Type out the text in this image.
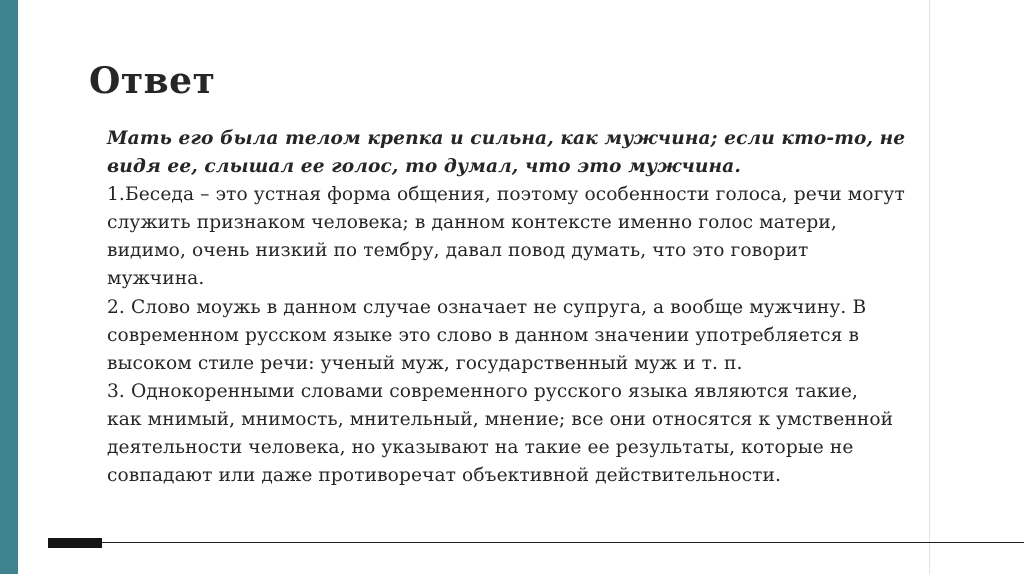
Ответ

Мать его была телом крепка и сильна, как мужчина; если кто-то, не

видя ее, слышал ее голос, то думал, что это мужчина.

1.Беседа – это устная форма общения, поэтому особенности голоса, речи могут

служить признаком человека; в данном контексте именно голос матери,

видимо, очень низкий по тембру, давал повод думать, что это говорит

мужчина.

2. Слово моужь в данном случае означает не супруга, а вообще мужчину. В

современном русском языке это слово в данном значении употребляется в

высоком стиле речи: ученый муж, государственный муж и т. п.

3. Однокоренными словами современного русского языка являются такие,

как мнимый, мнимость, мнительный, мнение; все они относятся к умственной

деятельности человека, но указывают на такие ее результаты, которые не

совпадают или даже противоречат объективной действительности.
